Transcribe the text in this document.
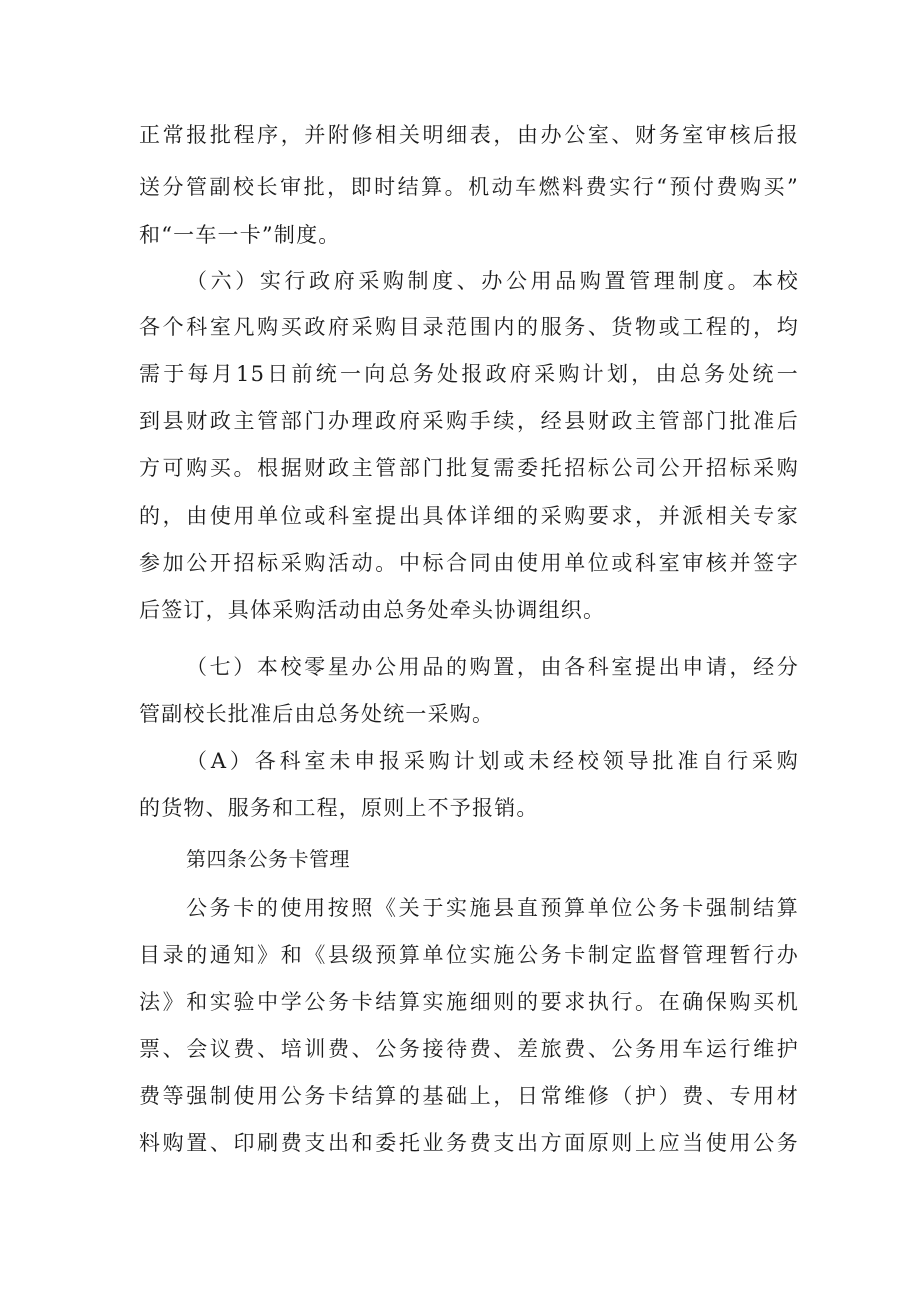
正常报批程序，并附修相关明细表，由办公室、财务室审核后报
送分管副校长审批，即时结算。机动车燃料费实行“预付费购买”
和“一车一卡”制度。
（六）实行政府采购制度、办公用品购置管理制度。本校
各个科室凡购买政府采购目录范围内的服务、货物或工程的，均
需于每月15日前统一向总务处报政府采购计划，由总务处统一
到县财政主管部门办理政府采购手续，经县财政主管部门批准后
方可购买。根据财政主管部门批复需委托招标公司公开招标采购
的，由使用单位或科室提出具体详细的采购要求，并派相关专家
参加公开招标采购活动。中标合同由使用单位或科室审核并签字
后签订，具体采购活动由总务处牵头协调组织。
（七）本校零星办公用品的购置，由各科室提出申请，经分
管副校长批准后由总务处统一采购。
（A）各科室未申报采购计划或未经校领导批准自行采购
的货物、服务和工程，原则上不予报销。
第四条公务卡管理
公务卡的使用按照《关于实施县直预算单位公务卡强制结算
目录的通知》和《县级预算单位实施公务卡制定监督管理暂行办
法》和实验中学公务卡结算实施细则的要求执行。在确保购买机
票、会议费、培训费、公务接待费、差旅费、公务用车运行维护
费等强制使用公务卡结算的基础上，日常维修（护）费、专用材
料购置、印刷费支出和委托业务费支出方面原则上应当使用公务
